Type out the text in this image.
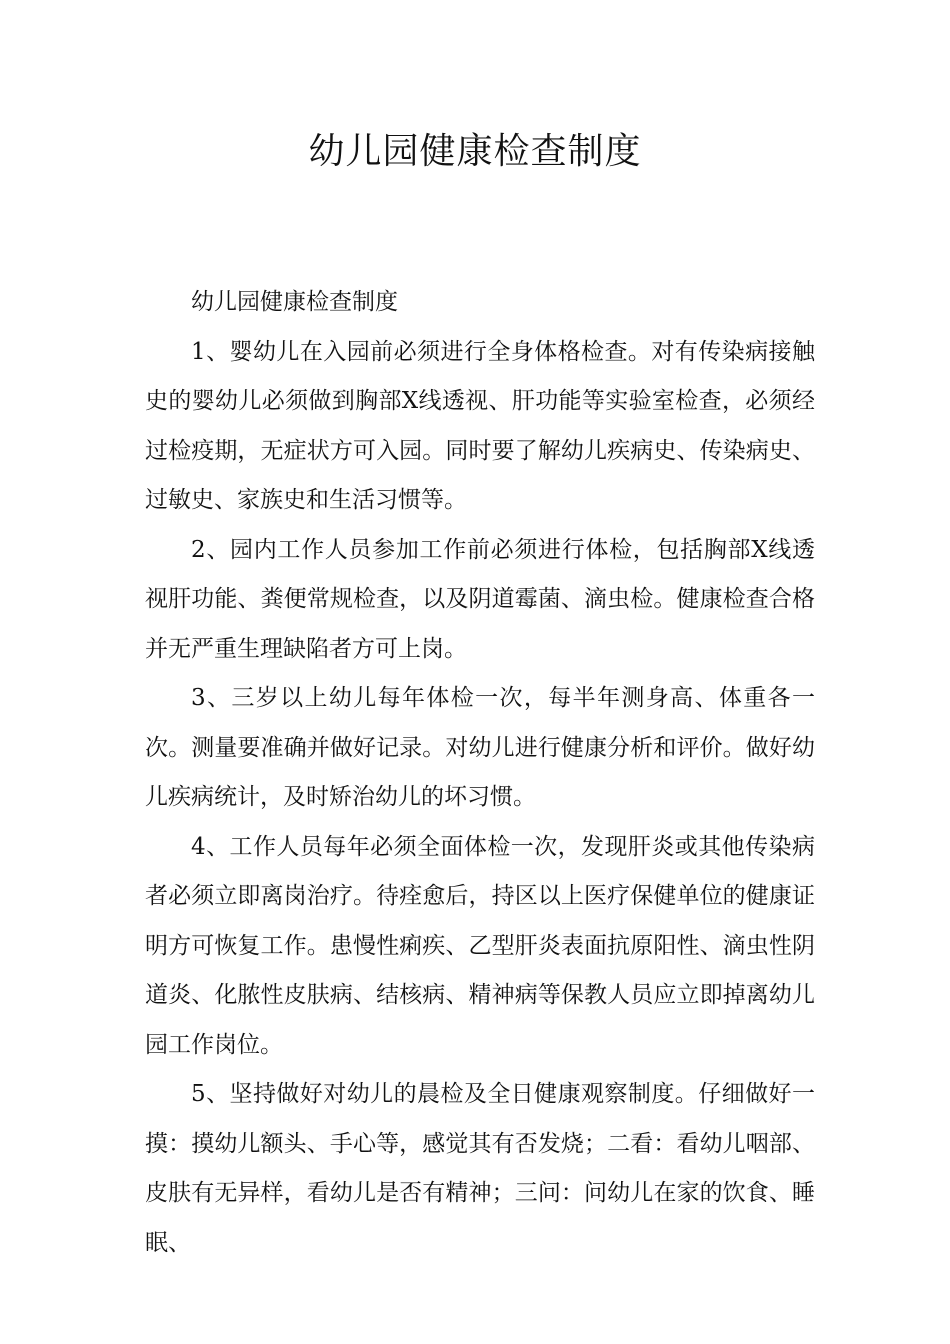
幼儿园健康检查制度

幼儿园健康检查制度

1、婴幼儿在入园前必须进行全身体格检查。对有传染病接触史的婴幼儿必须做到胸部X线透视、肝功能等实验室检查，必须经过检疫期，无症状方可入园。同时要了解幼儿疾病史、传染病史、过敏史、家族史和生活习惯等。

2、园内工作人员参加工作前必须进行体检，包括胸部X线透视肝功能、粪便常规检查，以及阴道霉菌、滴虫检。健康检查合格并无严重生理缺陷者方可上岗。

3、三岁以上幼儿每年体检一次，每半年测身高、体重各一次。测量要准确并做好记录。对幼儿进行健康分析和评价。做好幼儿疾病统计，及时矫治幼儿的坏习惯。

4、工作人员每年必须全面体检一次，发现肝炎或其他传染病者必须立即离岗治疗。待痊愈后，持区以上医疗保健单位的健康证明方可恢复工作。患慢性痢疾、乙型肝炎表面抗原阳性、滴虫性阴道炎、化脓性皮肤病、结核病、精神病等保教人员应立即掉离幼儿园工作岗位。

5、坚持做好对幼儿的晨检及全日健康观察制度。仔细做好一摸：摸幼儿额头、手心等，感觉其有否发烧；二看：看幼儿咽部、皮肤有无异样，看幼儿是否有精神；三问：问幼儿在家的饮食、睡眠、
